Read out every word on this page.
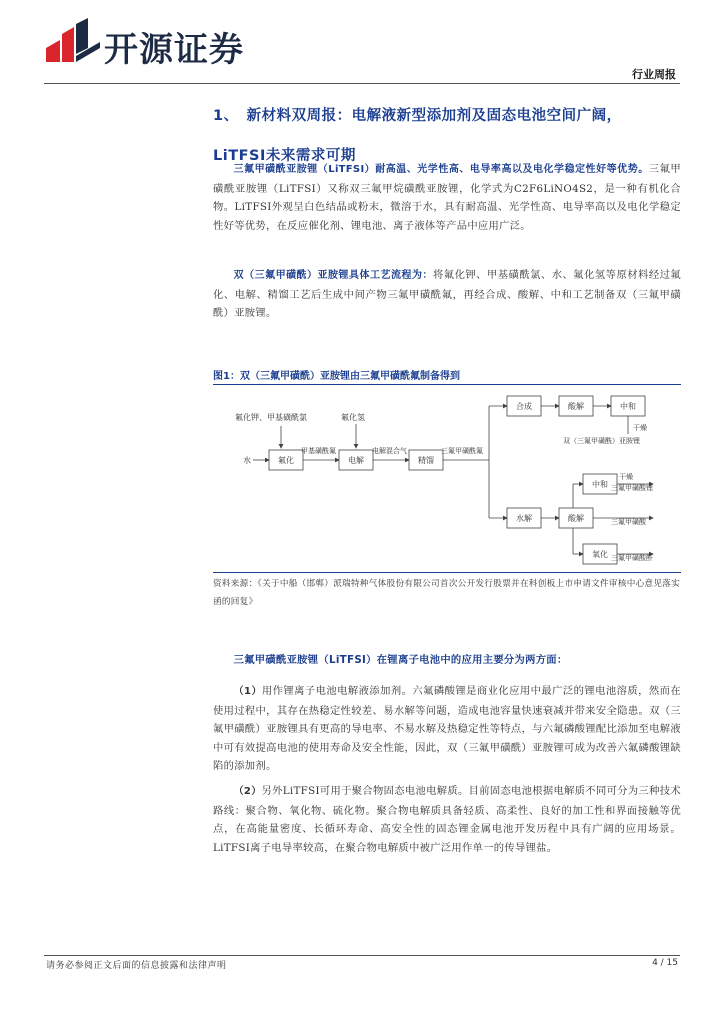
开源证券
行业周报
1、 新材料双周报：电解液新型添加剂及固态电池空间广阔，
LiTFSI未来需求可期

三氟甲磺酰亚胺锂（LiTFSI）耐高温、光学性高、电导率高以及电化学稳定性好等优势。三氟甲磺酰亚胺锂（LiTFSI）又称双三氟甲烷磺酰亚胺锂，化学式为C2F6LiNO4S2，是一种有机化合物。LiTFSI外观呈白色结晶或粉末，微溶于水，具有耐高温、光学性高、电导率高以及电化学稳定性好等优势，在反应催化剂、锂电池、离子液体等产品中应用广泛。

双（三氟甲磺酰）亚胺锂具体工艺流程为：将氟化钾、甲基磺酰氯、水、氟化氢等原材料经过氟化、电解、精馏工艺后生成中间产物三氟甲磺酰氟，再经合成、酸解、中和工艺制备双（三氟甲磺酰）亚胺锂。

图1：双（三氟甲磺酰）亚胺锂由三氟甲磺酰氟制备得到
氟化钾、甲基磺酰氯	氟化氢
水	氟化	电解	精馏
甲基磺酰氟	电解混合气	三氟甲磺酰氟
合成	酸解	中和
干燥
双（三氟甲磺酰）亚胺锂
水解
中和
酸解
氧化
干燥
三氟甲磺酸锂
三氟甲磺酸
三氟甲磺酸酐
资料来源：《关于中船（邯郸）派瑞特种气体股份有限公司首次公开发行股票并在科创板上市申请文件审核中心意见落实函的回复》
三氟甲磺酰亚胺锂（LiTFSI）在锂离子电池中的应用主要分为两方面：

（1）用作锂离子电池电解液添加剂。六氟磷酸锂是商业化应用中最广泛的锂电池溶质，然而在使用过程中，其存在热稳定性较差、易水解等问题，造成电池容量快速衰减并带来安全隐患。双（三氟甲磺酰）亚胺锂具有更高的导电率、不易水解及热稳定性等特点，与六氟磷酸锂配比添加至电解液中可有效提高电池的使用寿命及安全性能，因此，双（三氟甲磺酰）亚胺锂可成为改善六氟磷酸锂缺陷的添加剂。

（2）另外LiTFSI可用于聚合物固态电池电解质。目前固态电池根据电解质不同可分为三种技术路线：聚合物、氧化物、硫化物。聚合物电解质具备轻质、高柔性、良好的加工性和界面接触等优点，在高能量密度、长循环寿命、高安全性的固态锂金属电池开发历程中具有广阔的应用场景。LiTFSI离子电导率较高，在聚合物电解质中被广泛用作单一的传导锂盐。

请务必参阅正文后面的信息披露和法律声明	4 / 15
